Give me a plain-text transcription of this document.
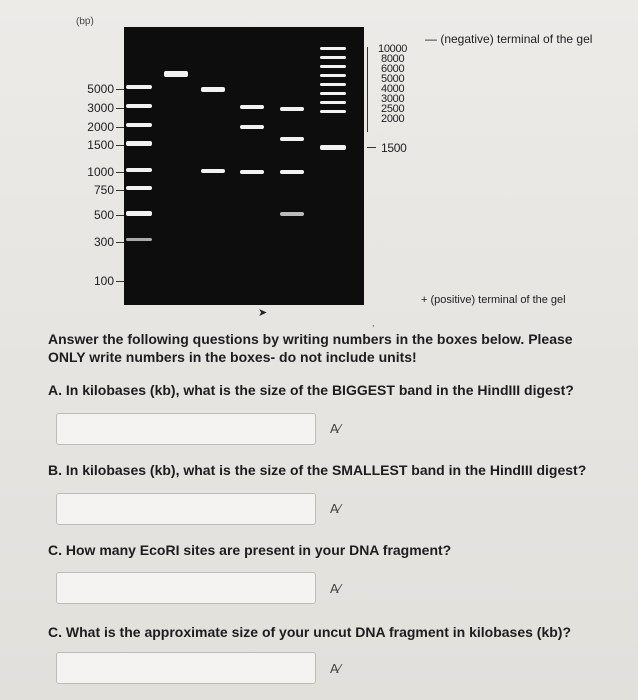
(bp)
5000
3000
2000
1500
1000
750
500
300
100
10000
8000
6000
5000
4000
3000
2500
2000
1500
— (negative) terminal of the gel
+ (positive) terminal of the gel
➤
,
Answer the following questions by writing numbers in the boxes below. Please ONLY write numbers in the boxes- do not include units!
A. In kilobases (kb), what is the size of the BIGGEST band in the HindIII digest?
A⁄
B. In kilobases (kb), what is the size of the SMALLEST band in the HindIII digest?
A⁄
C. How many EcoRI sites are present in your DNA fragment?
A⁄
C. What is the approximate size of your uncut DNA fragment in kilobases (kb)?
A⁄
